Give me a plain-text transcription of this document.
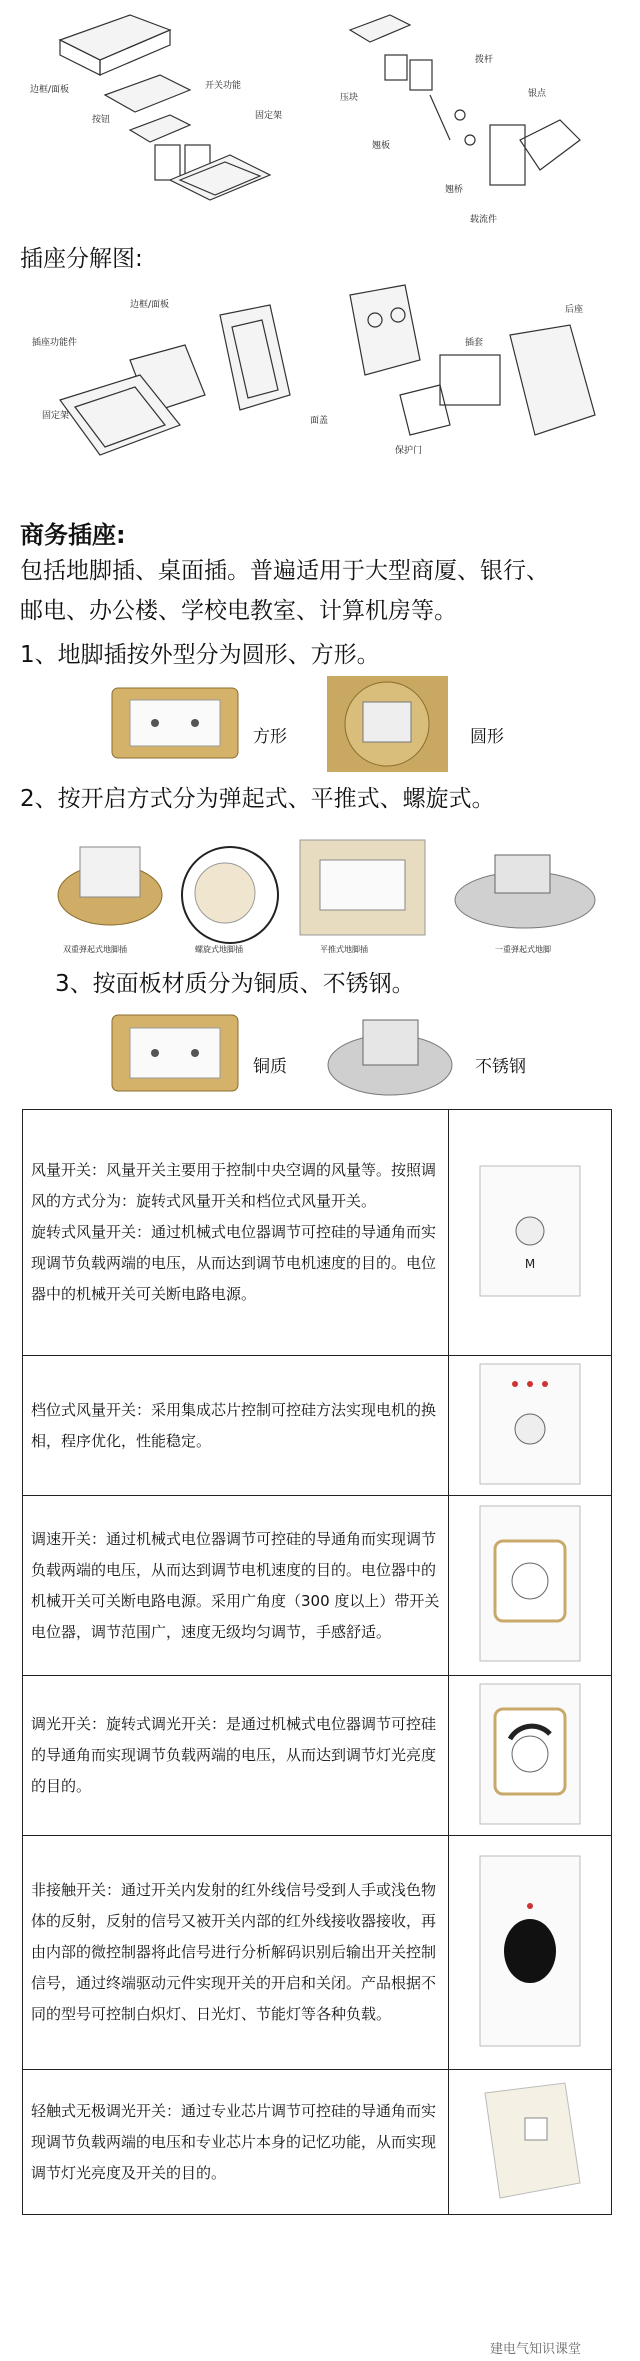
边框/面板
按钮
开关功能
固定架
压块
拨杆
银点
翘板
翘桥
载流件
插座分解图:
边框/面板
插座功能件
固定架
插套
后座
面盖
保护门
商务插座:
包括地脚插、桌面插。普遍适用于大型商厦、银行、
邮电、办公楼、学校电教室、计算机房等。
1、地脚插按外型分为圆形、方形。
方形	圆形
2、按开启方式分为弹起式、平推式、螺旋式。
双重弹起式地脚插	螺旋式地脚插	平推式地脚插	一重弹起式地脚
3、按面板材质分为铜质、不锈钢。
铜质	不锈钢
风量开关：风量开关主要用于控制中央空调的风量等。按照调风的方式分为：旋转式风量开关和档位式风量开关。
旋转式风量开关：通过机械式电位器调节可控硅的导通角而实现调节负载两端的电压，从而达到调节电机速度的目的。电位器中的机械开关可关断电路电源。	M

档位式风量开关：采用集成芯片控制可控硅方法实现电机的换相，程序优化，性能稳定。	
调速开关：通过机械式电位器调节可控硅的导通角而实现调节负载两端的电压，从而达到调节电机速度的目的。电位器中的机械开关可关断电路电源。采用广角度（300 度以上）带开关电位器，调节范围广，速度无级均匀调节，手感舒适。	
调光开关：旋转式调光开关：是通过机械式电位器调节可控硅的导通角而实现调节负载两端的电压，从而达到调节灯光亮度的目的。	
非接触开关：通过开关内发射的红外线信号受到人手或浅色物体的反射，反射的信号又被开关内部的红外线接收器接收，再由内部的微控制器将此信号进行分析解码识别后输出开关控制信号，通过终端驱动元件实现开关的开启和关闭。产品根据不同的型号可控制白炽灯、日光灯、节能灯等各种负载。	
轻触式无极调光开关：通过专业芯片调节可控硅的导通角而实现调节负载两端的电压和专业芯片本身的记忆功能，从而实现调节灯光亮度及开关的目的。	
建电气知识课堂
